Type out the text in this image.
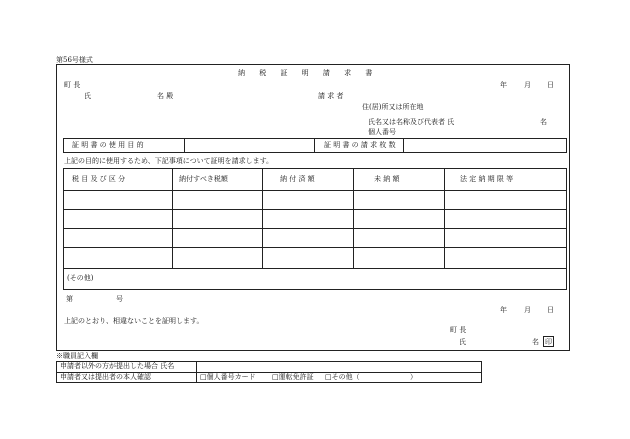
第56号様式
納 税 証 明 請 求 書
年 月 日
町 長
氏	名 殿	請 求 者
住(居)所又は所在地
氏名又は名称及び代表者 氏	名
個人番号
証 明 書 の 使 用 目 的	証 明 書 の 請 求 枚 数
上記の目的に使用するため、下記事項について証明を請求します。
税 目 及 び 区 分	納付すべき税額	納 付 済 額	未 納 額	法 定 納 期 限 等
(その他)
第	号
年 月 日
上記のとおり、相違ないことを証明します。
町 長
氏	名 印
※職員記入欄
申請者以外の方が提出した場合 氏名
申請者又は提出者の本人確認	□個人番号カード □運転免許証 □その他（	）
